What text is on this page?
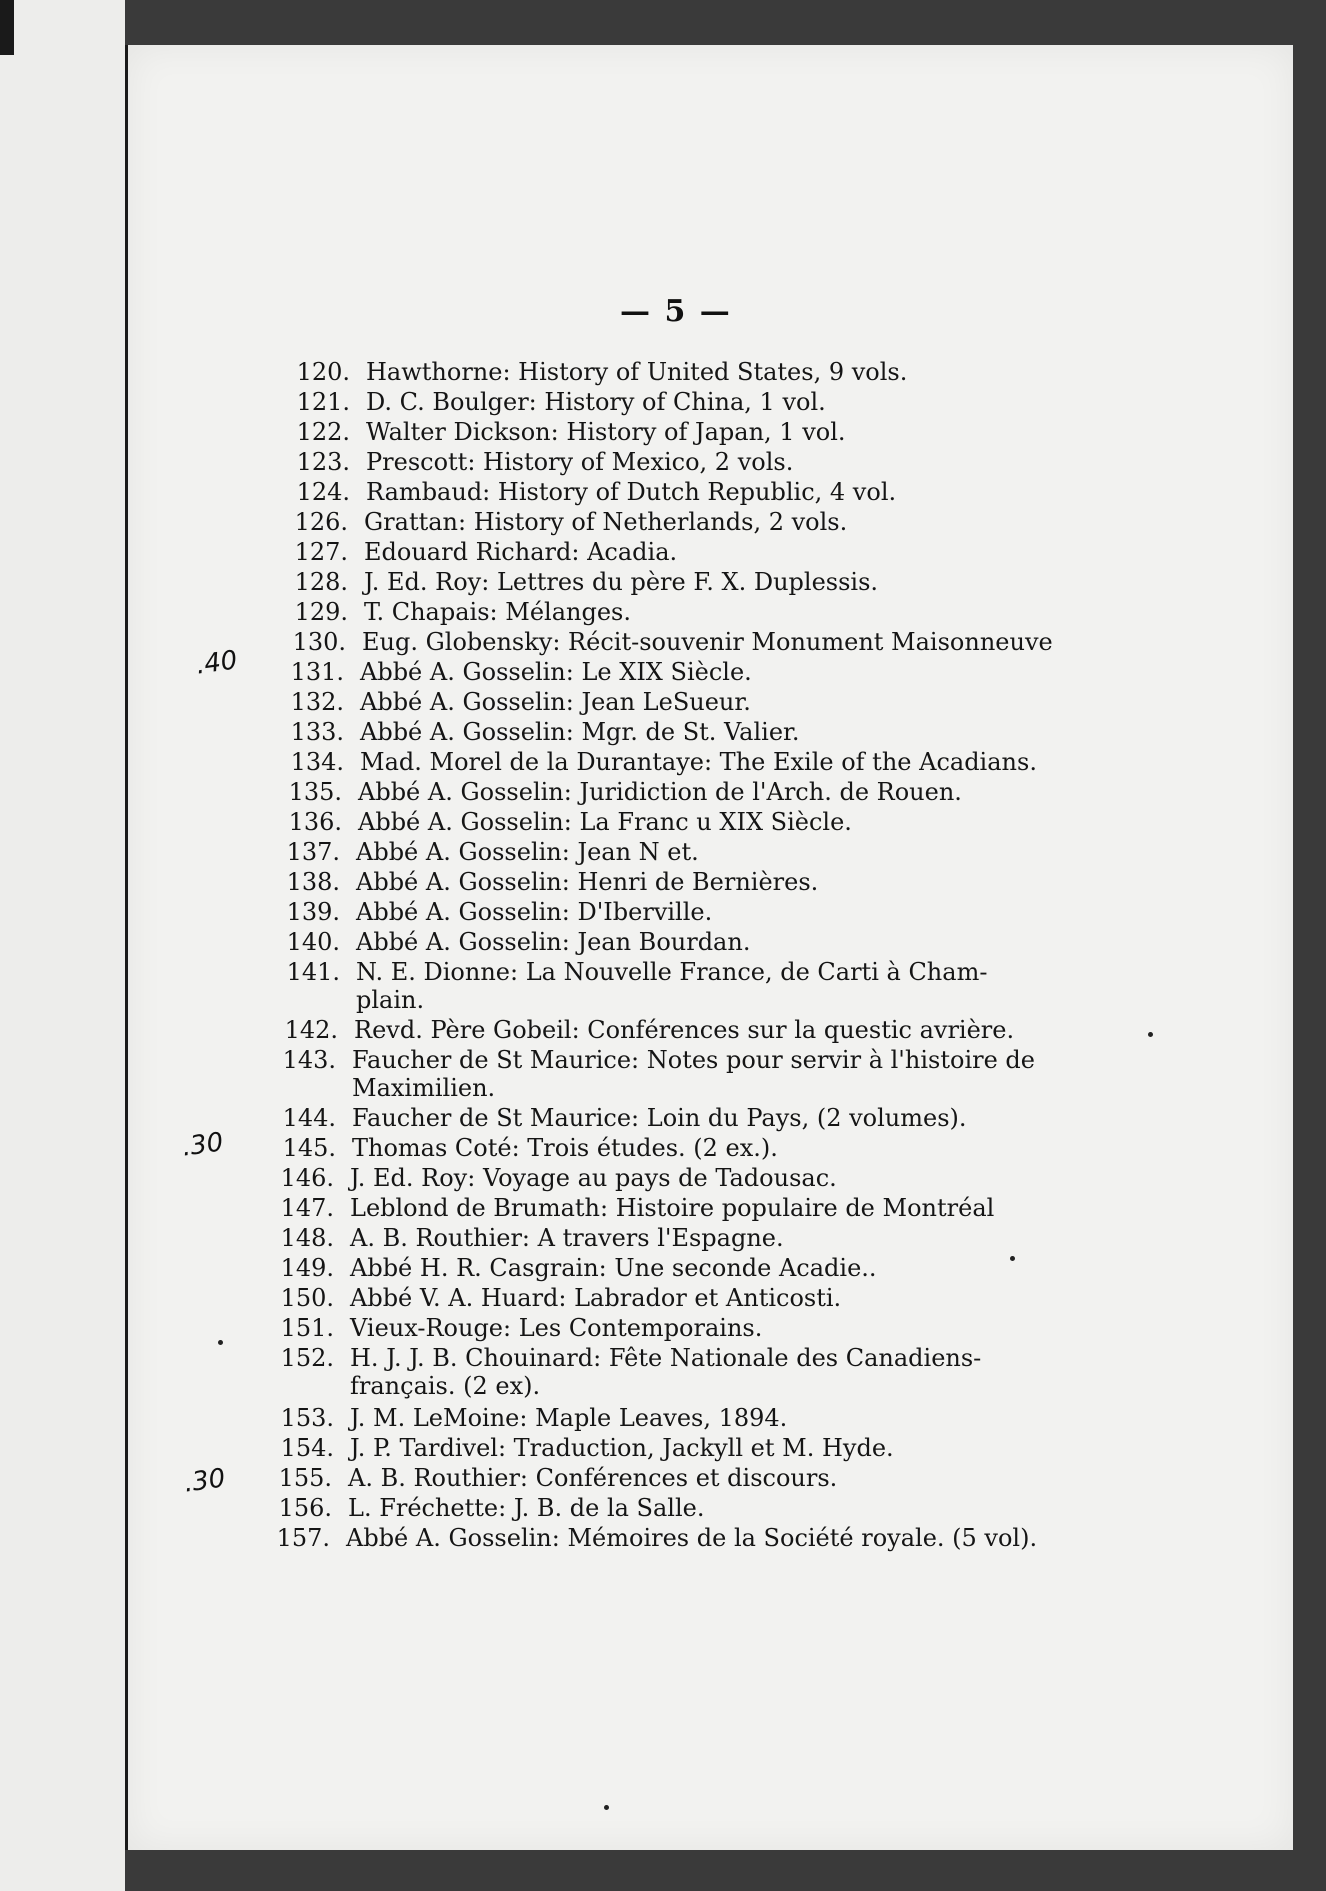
— 5 —
120. Hawthorne: History of United States, 9 vols.
121. D. C. Boulger: History of China, 1 vol.
122. Walter Dickson: History of Japan, 1 vol.
123. Prescott: History of Mexico, 2 vols.
124. Rambaud: History of Dutch Republic, 4 vol.
126. Grattan: History of Netherlands, 2 vols.
127. Edouard Richard: Acadia.
128. J. Ed. Roy: Lettres du père F. X. Duplessis.
129. T. Chapais: Mélanges.
130. Eug. Globensky: Récit-souvenir Monument Maisonneuve
131. Abbé A. Gosselin: Le XIX Siècle.
132. Abbé A. Gosselin: Jean LeSueur.
133. Abbé A. Gosselin: Mgr. de St. Valier.
134. Mad. Morel de la Durantaye: The Exile of the Acadians.
135. Abbé A. Gosselin: Juridiction de l'Arch. de Rouen.
136. Abbé A. Gosselin: La Franc u XIX Siècle.
137. Abbé A. Gosselin: Jean N et.
138. Abbé A. Gosselin: Henri de Bernières.
139. Abbé A. Gosselin: D'Iberville.
140. Abbé A. Gosselin: Jean Bourdan.
141. N. E. Dionne: La Nouvelle France, de Carti à Cham-
plain.
142. Revd. Père Gobeil: Conférences sur la questic avrière.
143. Faucher de St Maurice: Notes pour servir à l'histoire de
Maximilien.
144. Faucher de St Maurice: Loin du Pays, (2 volumes).
145. Thomas Coté: Trois études. (2 ex.).
146. J. Ed. Roy: Voyage au pays de Tadousac.
147. Leblond de Brumath: Histoire populaire de Montréal
148. A. B. Routhier: A travers l'Espagne.
149. Abbé H. R. Casgrain: Une seconde Acadie..
150. Abbé V. A. Huard: Labrador et Anticosti.
151. Vieux-Rouge: Les Contemporains.
152. H. J. J. B. Chouinard: Fête Nationale des Canadiens-
français. (2 ex).
153. J. M. LeMoine: Maple Leaves, 1894.
154. J. P. Tardivel: Traduction, Jackyll et M. Hyde.
155. A. B. Routhier: Conférences et discours.
156. L. Fréchette: J. B. de la Salle.
157. Abbé A. Gosselin: Mémoires de la Société royale. (5 vol).
.40
.30
.30
